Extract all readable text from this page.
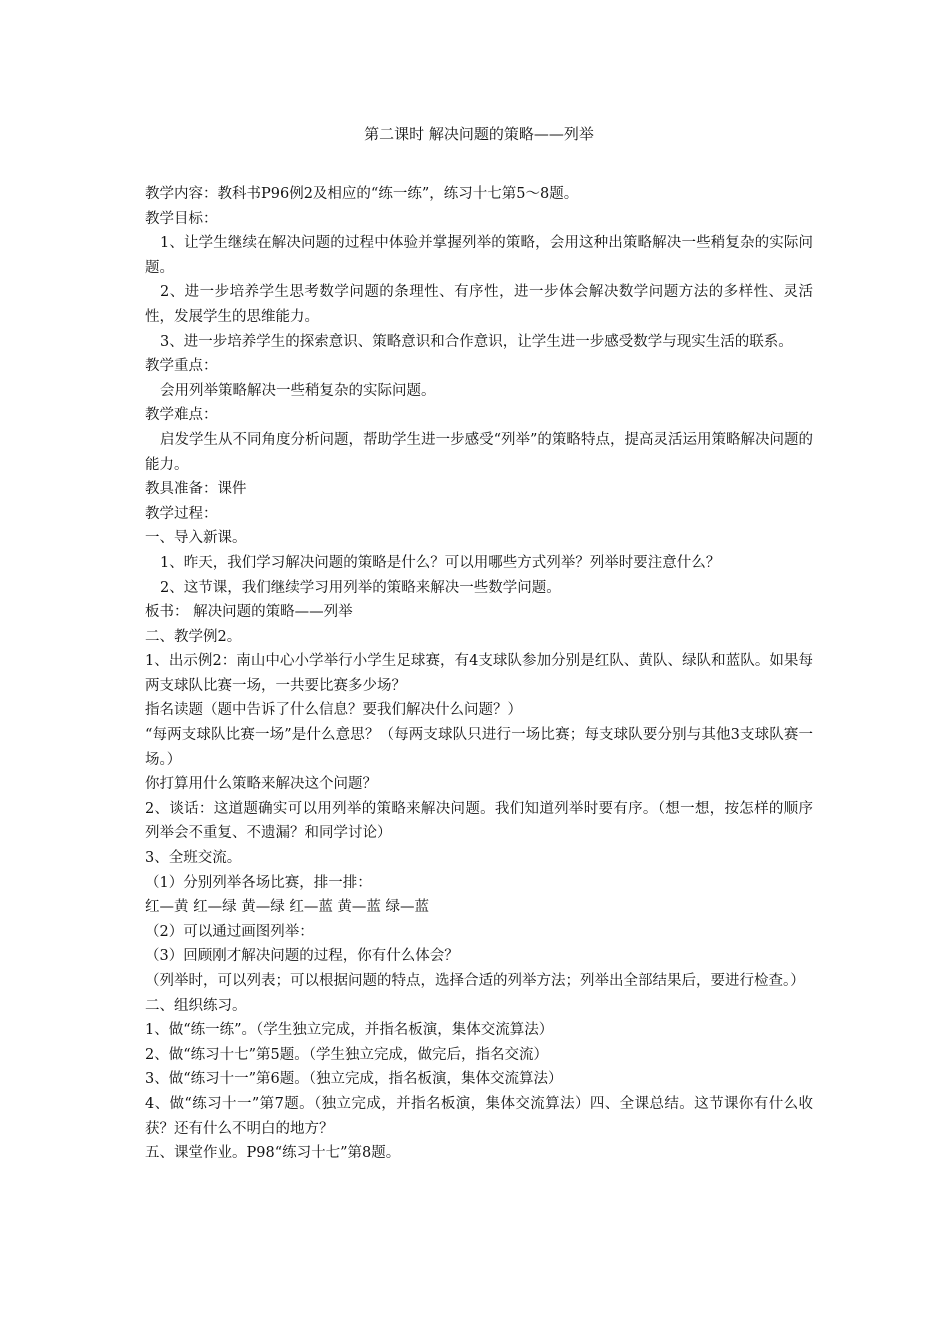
第二课时 解决问题的策略——列举

教学内容：教科书P96例2及相应的“练一练”，练习十七第5～8题。

教学目标：

1、让学生继续在解决问题的过程中体验并掌握列举的策略，会用这种出策略解决一些稍复杂的实际问题。

2、进一步培养学生思考数学问题的条理性、有序性，进一步体会解决数学问题方法的多样性、灵活性，发展学生的思维能力。

3、进一步培养学生的探索意识、策略意识和合作意识，让学生进一步感受数学与现实生活的联系。

教学重点：

会用列举策略解决一些稍复杂的实际问题。

教学难点：

启发学生从不同角度分析问题，帮助学生进一步感受“列举”的策略特点，提高灵活运用策略解决问题的能力。

教具准备：课件

教学过程：

一、导入新课。

1、昨天，我们学习解决问题的策略是什么？可以用哪些方式列举？列举时要注意什么？

2、这节课，我们继续学习用列举的策略来解决一些数学问题。

板书： 解决问题的策略——列举

二、教学例2。

1、出示例2：南山中心小学举行小学生足球赛，有4支球队参加分别是红队、黄队、绿队和蓝队。如果每两支球队比赛一场，一共要比赛多少场？

指名读题（题中告诉了什么信息？要我们解决什么问题？）

“每两支球队比赛一场”是什么意思？（每两支球队只进行一场比赛；每支球队要分别与其他3支球队赛一场。）

你打算用什么策略来解决这个问题？

2、谈话：这道题确实可以用列举的策略来解决问题。我们知道列举时要有序。（想一想，按怎样的顺序列举会不重复、不遗漏？和同学讨论）

3、全班交流。

（1）分别列举各场比赛，排一排：

红—黄 红—绿 黄—绿 红—蓝 黄—蓝 绿—蓝

（2）可以通过画图列举：

（3）回顾刚才解决问题的过程，你有什么体会？

（列举时，可以列表；可以根据问题的特点，选择合适的列举方法；列举出全部结果后，要进行检查。）

二、组织练习。

1、做“练一练”。（学生独立完成，并指名板演，集体交流算法）

2、做“练习十七”第5题。（学生独立完成，做完后，指名交流）

3、做“练习十一”第6题。（独立完成，指名板演，集体交流算法）

4、做“练习十一”第7题。（独立完成，并指名板演，集体交流算法）四、全课总结。这节课你有什么收获？还有什么不明白的地方？

五、课堂作业。P98“练习十七”第8题。
